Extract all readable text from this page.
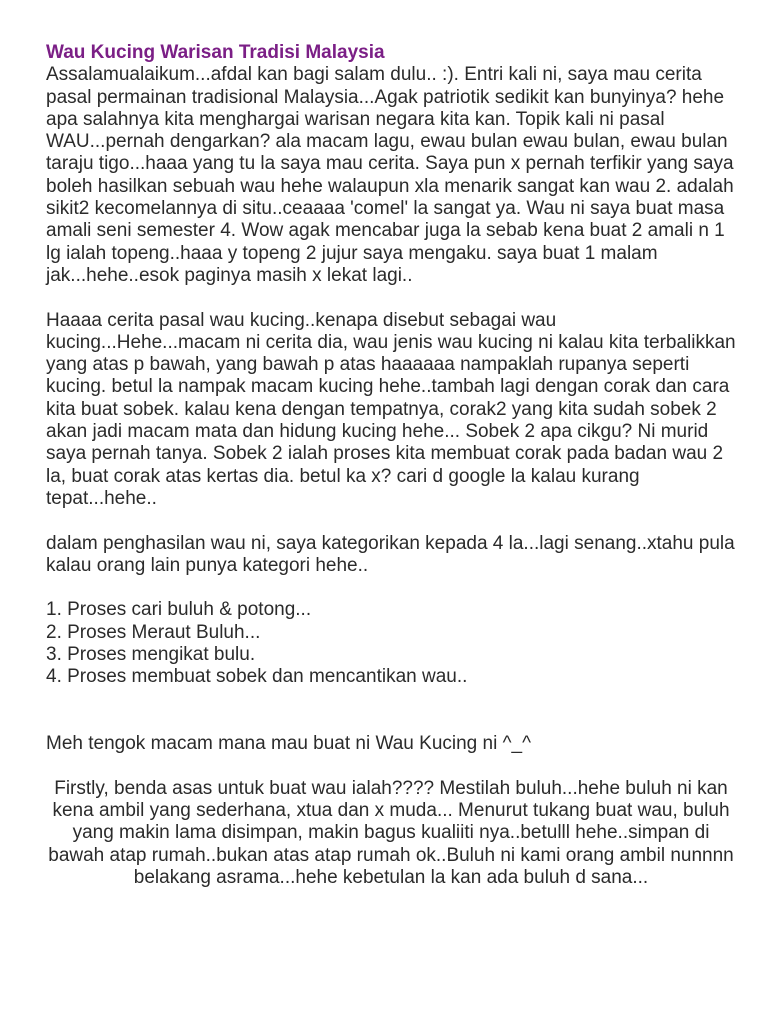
Wau Kucing Warisan Tradisi Malaysia

Assalamualaikum...afdal kan bagi salam dulu.. :). Entri kali ni, saya mau cerita pasal permainan tradisional Malaysia...Agak patriotik sedikit kan bunyinya? hehe apa salahnya kita menghargai warisan negara kita kan. Topik kali ni pasal WAU...pernah dengarkan? ala macam lagu, ewau bulan ewau bulan, ewau bulan taraju tigo...haaa yang tu la saya mau cerita. Saya pun x pernah terfikir yang saya boleh hasilkan sebuah wau hehe walaupun xla menarik sangat kan wau 2. adalah sikit2 kecomelannya di situ..ceaaaa 'comel' la sangat ya. Wau ni saya buat masa amali seni semester 4. Wow agak mencabar juga la sebab kena buat 2 amali n 1 lg ialah topeng..haaa y topeng 2 jujur saya mengaku. saya buat 1 malam jak...hehe..esok paginya masih x lekat lagi..

Haaaa cerita pasal wau kucing..kenapa disebut sebagai wau kucing...Hehe...macam ni cerita dia, wau jenis wau kucing ni kalau kita terbalikkan yang atas p bawah, yang bawah p atas haaaaaa nampaklah rupanya seperti kucing. betul la nampak macam kucing hehe..tambah lagi dengan corak dan cara kita buat sobek. kalau kena dengan tempatnya, corak2 yang kita sudah sobek 2 akan jadi macam mata dan hidung kucing hehe... Sobek 2 apa cikgu? Ni murid saya pernah tanya. Sobek 2 ialah proses kita membuat corak pada badan wau 2 la, buat corak atas kertas dia. betul ka x? cari d google la kalau kurang tepat...hehe..

dalam penghasilan wau ni, saya kategorikan kepada 4 la...lagi senang..xtahu pula kalau orang lain punya kategori hehe..

1. Proses cari buluh & potong...
2. Proses Meraut Buluh...
3. Proses mengikat bulu.
4. Proses membuat sobek dan mencantikan wau..

Meh tengok macam mana mau buat ni Wau Kucing ni ^_^

Firstly, benda asas untuk buat wau ialah???? Mestilah buluh...hehe buluh ni kan kena ambil yang sederhana, xtua dan x muda... Menurut tukang buat wau, buluh yang makin lama disimpan, makin bagus kualiiti nya..betulll hehe..simpan di bawah atap rumah..bukan atas atap rumah ok..Buluh ni kami orang ambil nunnnn belakang asrama...hehe kebetulan la kan ada buluh d sana...
